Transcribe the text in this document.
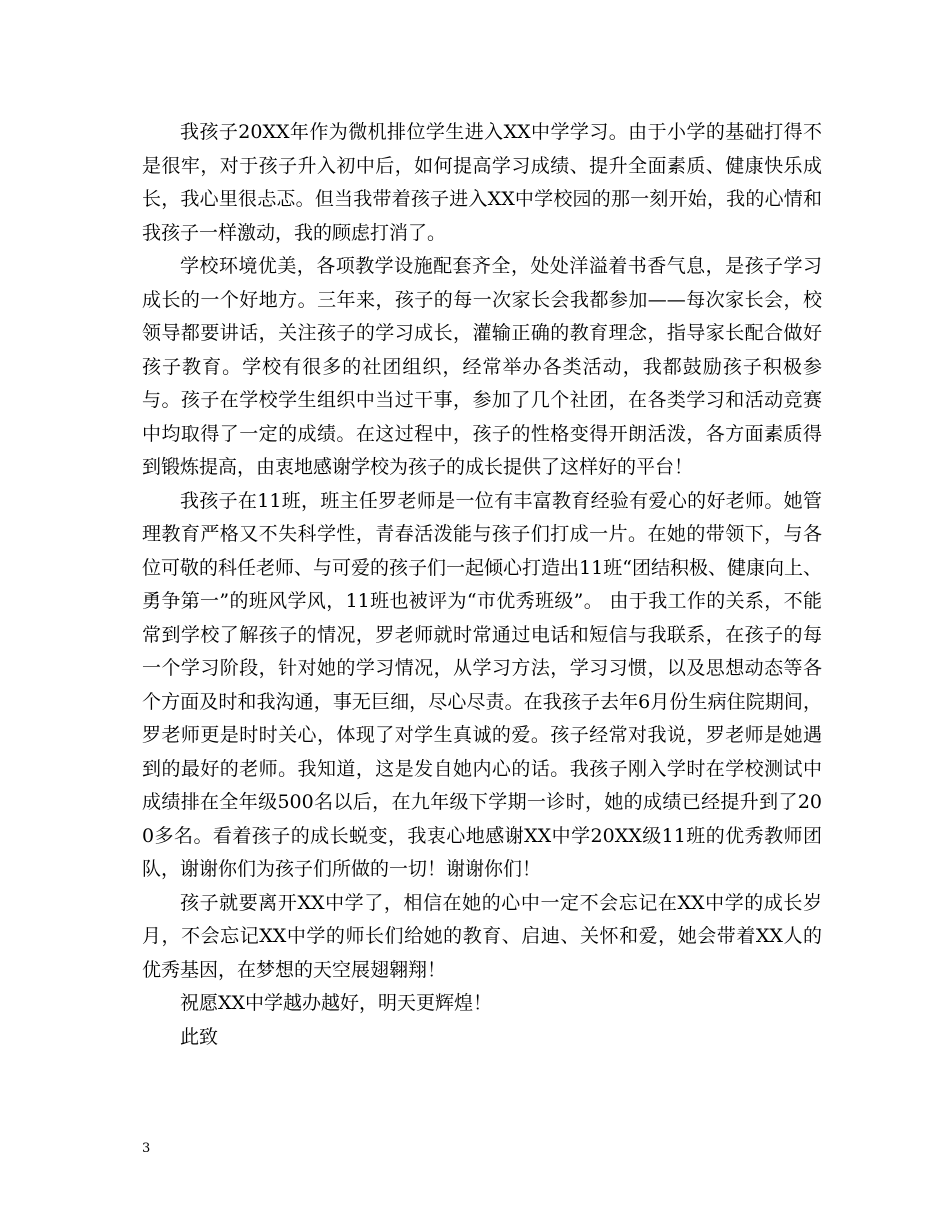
我孩子20XX年作为微机排位学生进入XX中学学习。由于小学的基础打得不是很牢，对于孩子升入初中后，如何提高学习成绩、提升全面素质、健康快乐成长，我心里很忐忑。但当我带着孩子进入XX中学校园的那一刻开始，我的心情和我孩子一样激动，我的顾虑打消了。

学校环境优美，各项教学设施配套齐全，处处洋溢着书香气息，是孩子学习成长的一个好地方。三年来，孩子的每一次家长会我都参加——每次家长会，校领导都要讲话，关注孩子的学习成长，灌输正确的教育理念，指导家长配合做好孩子教育。学校有很多的社团组织，经常举办各类活动，我都鼓励孩子积极参与。孩子在学校学生组织中当过干事，参加了几个社团，在各类学习和活动竞赛中均取得了一定的成绩。在这过程中，孩子的性格变得开朗活泼，各方面素质得到锻炼提高，由衷地感谢学校为孩子的成长提供了这样好的平台！

我孩子在11班，班主任罗老师是一位有丰富教育经验有爱心的好老师。她管理教育严格又不失科学性，青春活泼能与孩子们打成一片。在她的带领下，与各位可敬的科任老师、与可爱的孩子们一起倾心打造出11班“团结积极、健康向上、勇争第一”的班风学风，11班也被评为“市优秀班级”。 由于我工作的关系，不能常到学校了解孩子的情况，罗老师就时常通过电话和短信与我联系，在孩子的每一个学习阶段，针对她的学习情况，从学习方法，学习习惯，以及思想动态等各个方面及时和我沟通，事无巨细，尽心尽责。在我孩子去年6月份生病住院期间，罗老师更是时时关心，体现了对学生真诚的爱。孩子经常对我说，罗老师是她遇到的最好的老师。我知道，这是发自她内心的话。我孩子刚入学时在学校测试中成绩排在全年级500名以后，在九年级下学期一诊时，她的成绩已经提升到了200多名。看着孩子的成长蜕变，我衷心地感谢XX中学20XX级11班的优秀教师团队，谢谢你们为孩子们所做的一切！谢谢你们！

孩子就要离开XX中学了，相信在她的心中一定不会忘记在XX中学的成长岁月，不会忘记XX中学的师长们给她的教育、启迪、关怀和爱，她会带着XX人的优秀基因，在梦想的天空展翅翱翔！

祝愿XX中学越办越好，明天更辉煌！

此致

3
